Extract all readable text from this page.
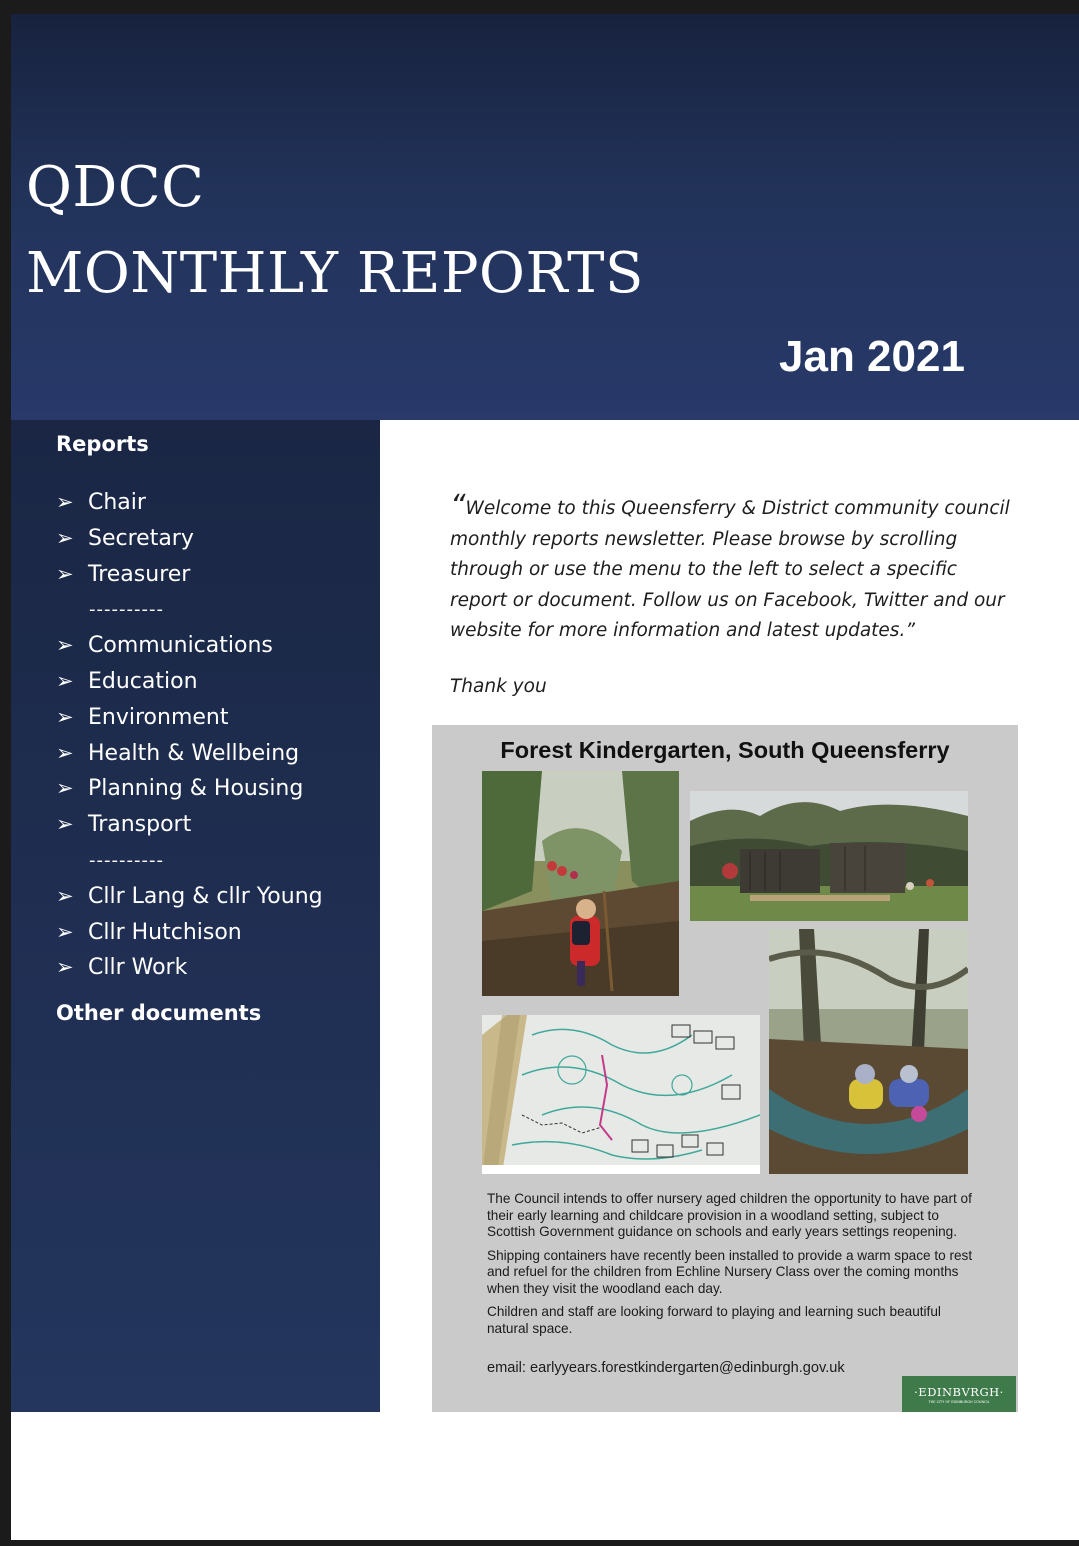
QDCC
MONTHLY REPORTS
Jan 2021
Reports
➢ Chair
➢ Secretary
➢ Treasurer
----------
➢ Communications
➢ Education
➢ Environment
➢ Health & Wellbeing
➢ Planning & Housing
➢ Transport
----------
➢ Cllr Lang & cllr Young
➢ Cllr Hutchison
➢ Cllr Work
Other documents
“Welcome to this Queensferry & District community council monthly reports newsletter. Please browse by scrolling through or use the menu to the left to select a specific report or document. Follow us on Facebook, Twitter and our website for more information and latest updates.”
Thank you
Forest Kindergarten, South Queensferry

The Council intends to offer nursery aged children the opportunity to have part of their early learning and childcare provision in a woodland setting, subject to Scottish Government guidance on schools and early years settings reopening.

Shipping containers have recently been installed to provide a warm space to rest and refuel for the children from Echline Nursery Class over the coming months when they visit the woodland each day.

Children and staff are looking forward to playing and learning such beautiful natural space.

email: earlyyears.forestkindergarten@edinburgh.gov.uk
·EDINBVRGH·
THE CITY OF EDINBURGH COUNCIL
